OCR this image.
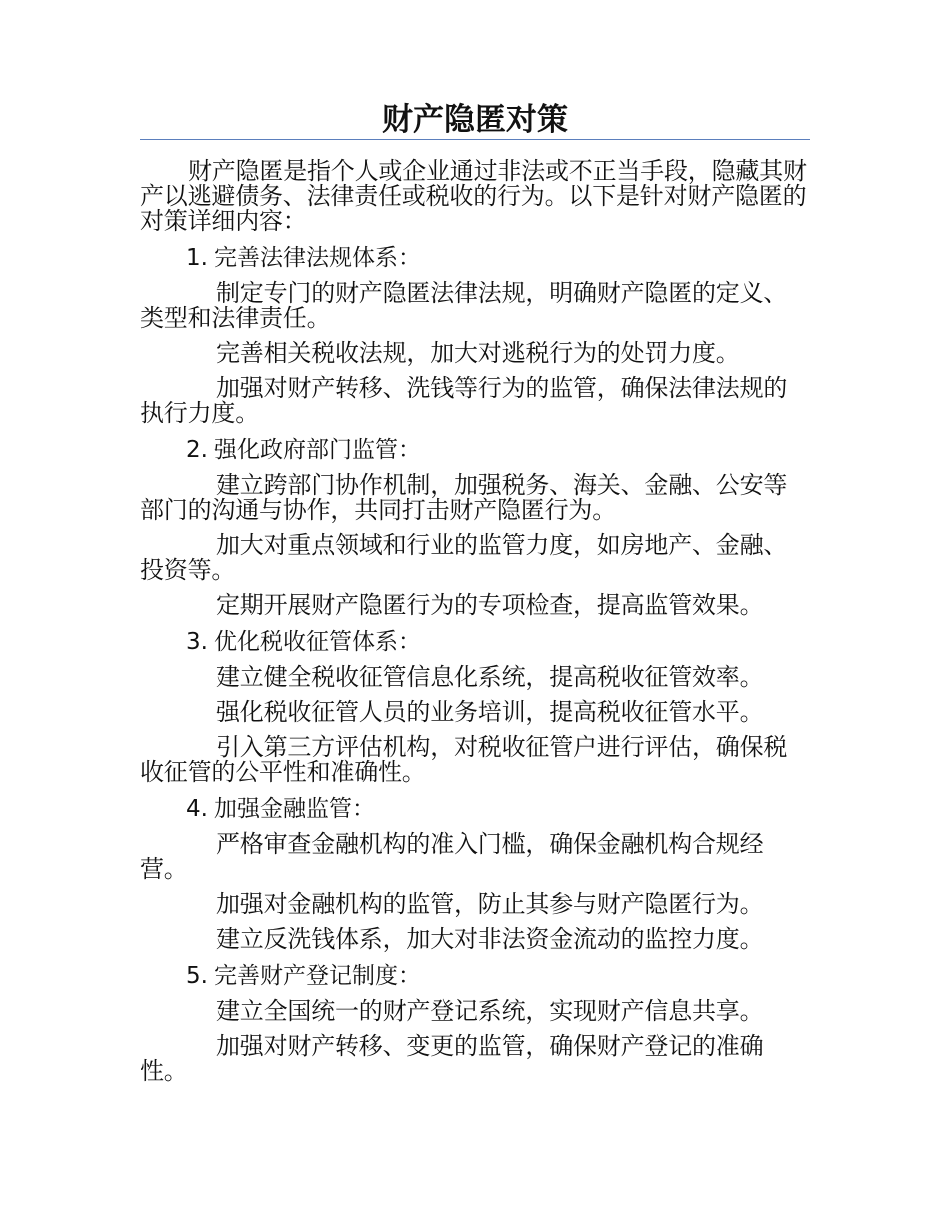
财产隐匿对策

财产隐匿是指个人或企业通过非法或不正当手段，隐藏其财产以逃避债务、法律责任或税收的行为。以下是针对财产隐匿的对策详细内容：

1. 完善法律法规体系：

制定专门的财产隐匿法律法规，明确财产隐匿的定义、类型和法律责任。

完善相关税收法规，加大对逃税行为的处罚力度。

加强对财产转移、洗钱等行为的监管，确保法律法规的执行力度。

2. 强化政府部门监管：

建立跨部门协作机制，加强税务、海关、金融、公安等部门的沟通与协作，共同打击财产隐匿行为。

加大对重点领域和行业的监管力度，如房地产、金融、投资等。

定期开展财产隐匿行为的专项检查，提高监管效果。

3. 优化税收征管体系：

建立健全税收征管信息化系统，提高税收征管效率。

强化税收征管人员的业务培训，提高税收征管水平。

引入第三方评估机构，对税收征管户进行评估，确保税收征管的公平性和准确性。

4. 加强金融监管：

严格审查金融机构的准入门槛，确保金融机构合规经营。

加强对金融机构的监管，防止其参与财产隐匿行为。

建立反洗钱体系，加大对非法资金流动的监控力度。

5. 完善财产登记制度：

建立全国统一的财产登记系统，实现财产信息共享。

加强对财产转移、变更的监管，确保财产登记的准确性。
